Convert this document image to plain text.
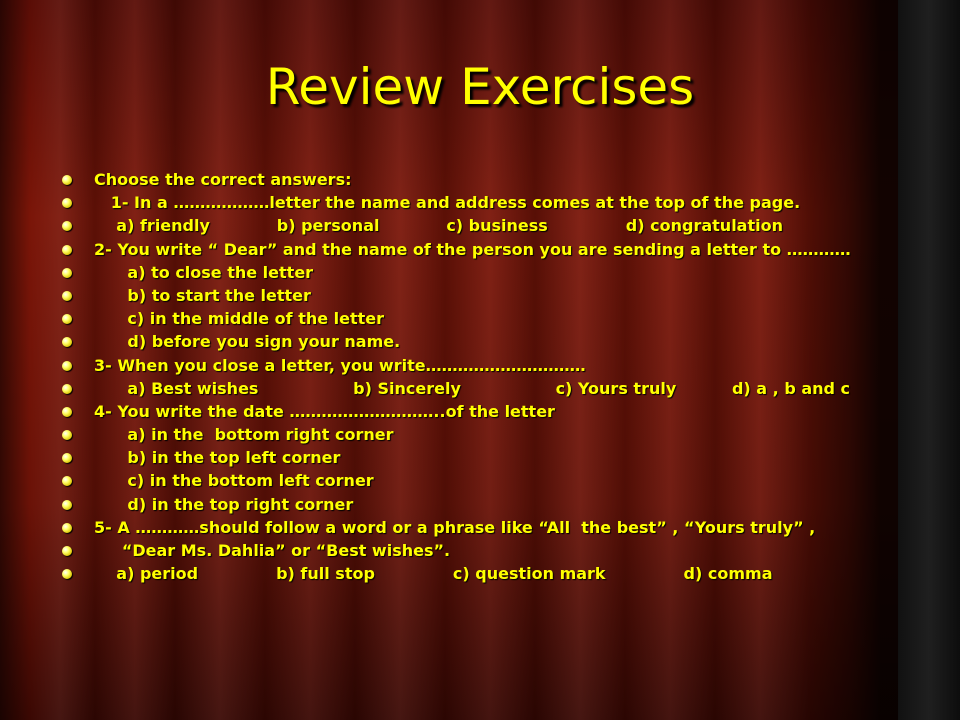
Review Exercises
Choose the correct answers:
1- In a ………………letter the name and address comes at the top of the page.
a) friendly            b) personal            c) business              d) congratulation
2- You write “ Dear” and the name of the person you are sending a letter to …………
a) to close the letter
b) to start the letter
c) in the middle of the letter
d) before you sign your name.
3- When you close a letter, you write…………………………
a) Best wishes                 b) Sincerely                 c) Yours truly          d) a , b and c
4- You write the date ………………………..of the letter
a) in the  bottom right corner
b) in the top left corner
c) in the bottom left corner
d) in the top right corner
5- A …………should follow a word or a phrase like “All  the best” , “Yours truly” ,
“Dear Ms. Dahlia” or “Best wishes”.
a) period              b) full stop              c) question mark              d) comma
